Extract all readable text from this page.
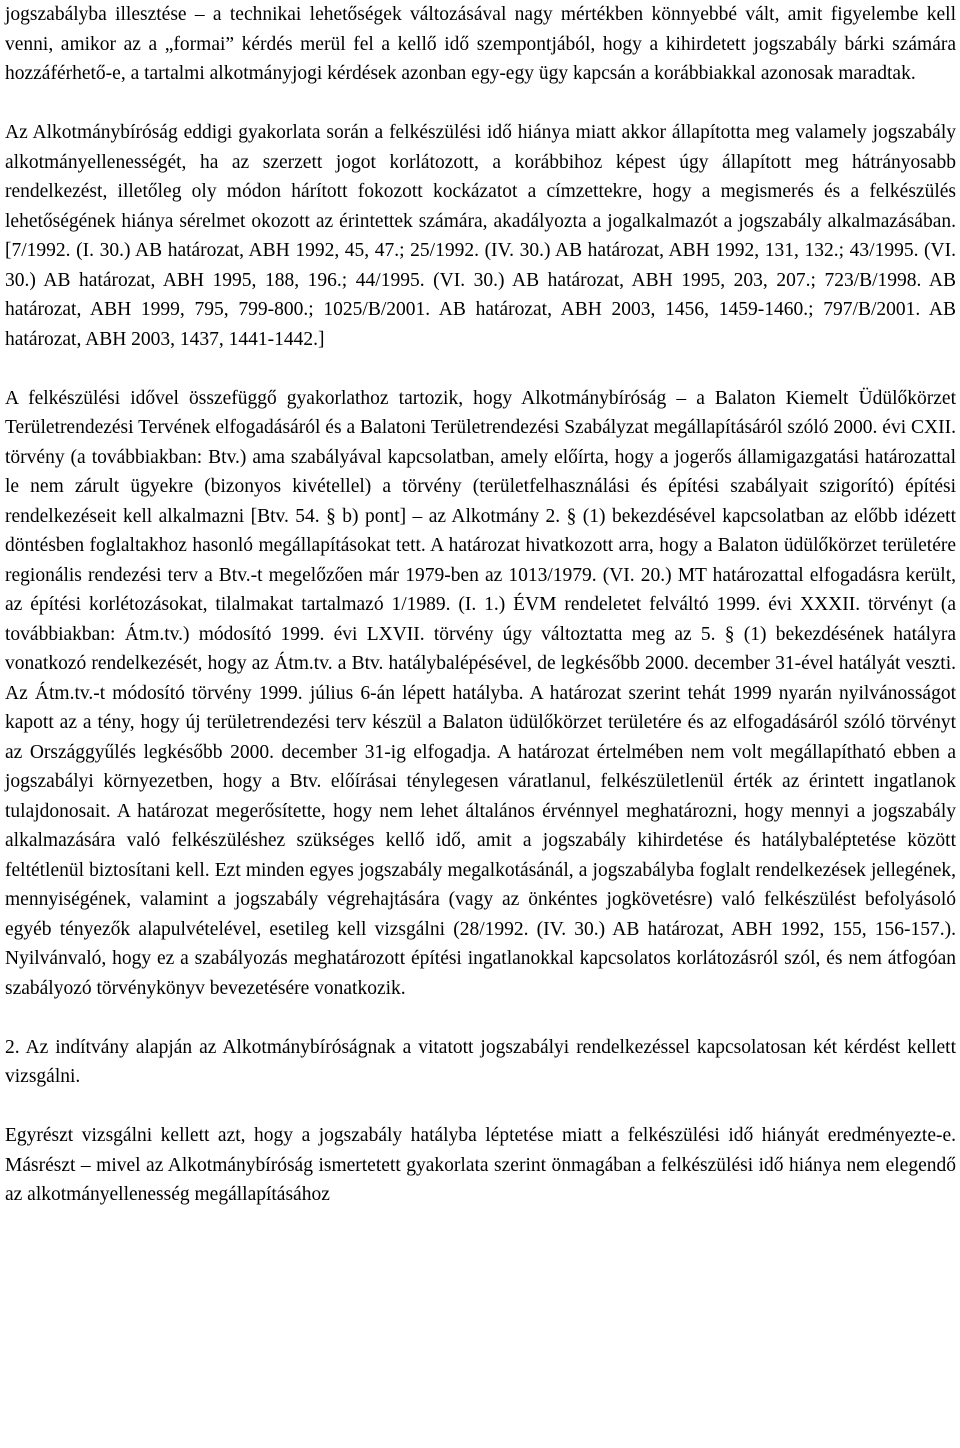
jogszabályba illesztése – a technikai lehetőségek változásával nagy mértékben könnyebbé vált, amit figyelembe kell venni, amikor az a „formai” kérdés merül fel a kellő idő szempontjából, hogy a kihirdetett jogszabály bárki számára hozzáférhető-e, a tartalmi alkotmányjogi kérdések azonban egy-egy ügy kapcsán a korábbiakkal azonosak maradtak.

Az Alkotmánybíróság eddigi gyakorlata során a felkészülési idő hiánya miatt akkor állapította meg valamely jogszabály alkotmányellenességét, ha az szerzett jogot korlátozott, a korábbihoz képest úgy állapított meg hátrányosabb rendelkezést, illetőleg oly módon hárított fokozott kockázatot a címzettekre, hogy a megismerés és a felkészülés lehetőségének hiánya sérelmet okozott az érintettek számára, akadályozta a jogalkalmazót a jogszabály alkalmazásában. [7/1992. (I. 30.) AB határozat, ABH 1992, 45, 47.; 25/1992. (IV. 30.) AB határozat, ABH 1992, 131, 132.; 43/1995. (VI. 30.) AB határozat, ABH 1995, 188, 196.; 44/1995. (VI. 30.) AB határozat, ABH 1995, 203, 207.; 723/B/1998. AB határozat, ABH 1999, 795, 799-800.; 1025/B/2001. AB határozat, ABH 2003, 1456, 1459-1460.; 797/B/2001. AB határozat, ABH 2003, 1437, 1441-1442.]

A felkészülési idővel összefüggő gyakorlathoz tartozik, hogy Alkotmánybíróság – a Balaton Kiemelt Üdülőkörzet Területrendezési Tervének elfogadásáról és a Balatoni Területrendezési Szabályzat megállapításáról szóló 2000. évi CXII. törvény (a továbbiakban: Btv.) ama szabályával kapcsolatban, amely előírta, hogy a jogerős államigazgatási határozattal le nem zárult ügyekre (bizonyos kivétellel) a törvény (területfelhasználási és építési szabályait szigorító) építési rendelkezéseit kell alkalmazni [Btv. 54. § b) pont] – az Alkotmány 2. § (1) bekezdésével kapcsolatban az előbb idézett döntésben foglaltakhoz hasonló megállapításokat tett. A határozat hivatkozott arra, hogy a Balaton üdülőkörzet területére regionális rendezési terv a Btv.-t megelőzően már 1979-ben az 1013/1979. (VI. 20.) MT határozattal elfogadásra került, az építési korlétozásokat, tilalmakat tartalmazó 1/1989. (I. 1.) ÉVM rendeletet felváltó 1999. évi XXXII. törvényt (a továbbiakban: Átm.tv.) módosító 1999. évi LXVII. törvény úgy változtatta meg az 5. § (1) bekezdésének hatályra vonatkozó rendelkezését, hogy az Átm.tv. a Btv. hatálybalépésével, de legkésőbb 2000. december 31-ével hatályát veszti. Az Átm.tv.-t módosító törvény 1999. július 6-án lépett hatályba. A határozat szerint tehát 1999 nyarán nyilvánosságot kapott az a tény, hogy új területrendezési terv készül a Balaton üdülőkörzet területére és az elfogadásáról szóló törvényt az Országgyűlés legkésőbb 2000. december 31-ig elfogadja. A határozat értelmében nem volt megállapítható ebben a jogszabályi környezetben, hogy a Btv. előírásai ténylegesen váratlanul, felkészületlenül érték az érintett ingatlanok tulajdonosait. A határozat megerősítette, hogy nem lehet általános érvénnyel meghatározni, hogy mennyi a jogszabály alkalmazására való felkészüléshez szükséges kellő idő, amit a jogszabály kihirdetése és hatálybaléptetése között feltétlenül biztosítani kell. Ezt minden egyes jogszabály megalkotásánál, a jogszabályba foglalt rendelkezések jellegének, mennyiségének, valamint a jogszabály végrehajtására (vagy az önkéntes jogkövetésre) való felkészülést befolyásoló egyéb tényezők alapulvételével, esetileg kell vizsgálni (28/1992. (IV. 30.) AB határozat, ABH 1992, 155, 156-157.). Nyilvánvaló, hogy ez a szabályozás meghatározott építési ingatlanokkal kapcsolatos korlátozásról szól, és nem átfogóan szabályozó törvénykönyv bevezetésére vonatkozik.

2. Az indítvány alapján az Alkotmánybíróságnak a vitatott jogszabályi rendelkezéssel kapcsolatosan két kérdést kellett vizsgálni.

Egyrészt vizsgálni kellett azt, hogy a jogszabály hatályba léptetése miatt a felkészülési idő hiányát eredményezte-e. Másrészt – mivel az Alkotmánybíróság ismertetett gyakorlata szerint önmagában a felkészülési idő hiánya nem elegendő az alkotmányellenesség megállapításához
